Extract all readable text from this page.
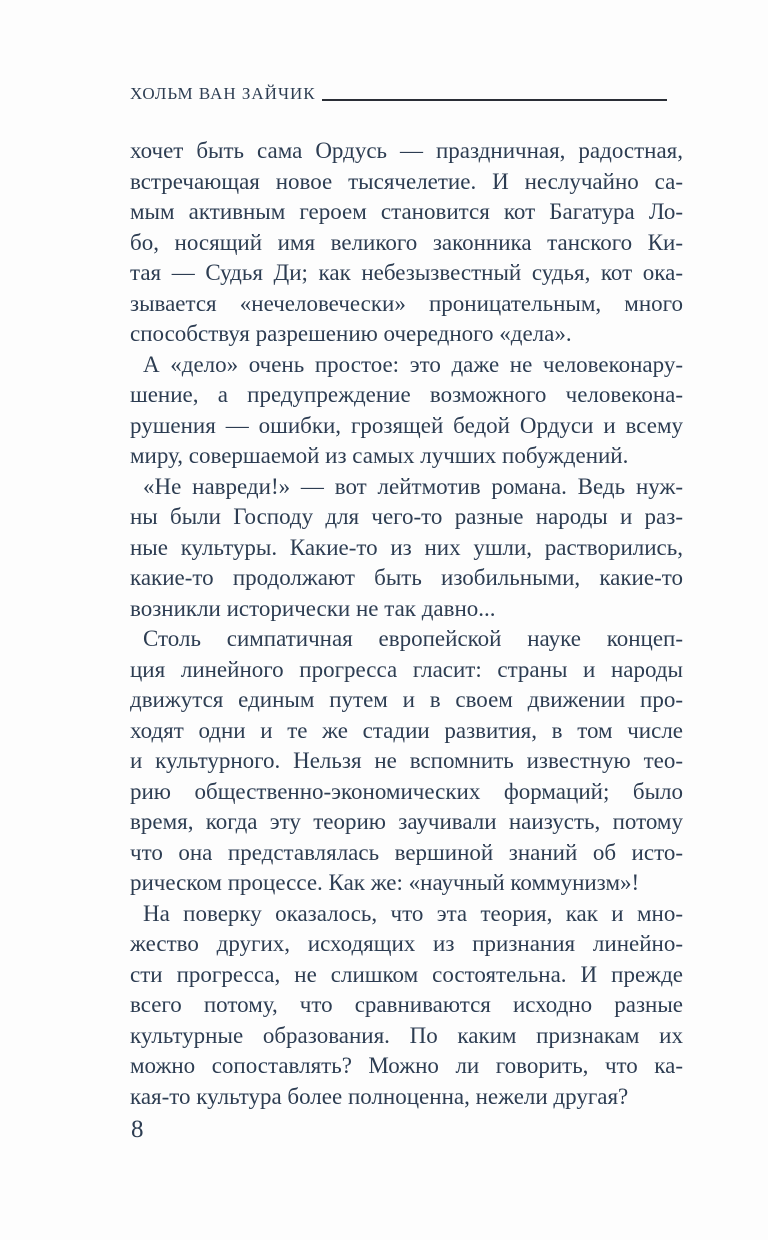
ХОЛЬМ ВАН ЗАЙЧИК
хочет быть сама Ордусь — праздничная, радостная,
встречающая новое тысячелетие. И неслучайно са-
мым активным героем становится кот Багатура Ло-
бо, носящий имя великого законника танского Ки-
тая — Судья Ди; как небезызвестный судья, кот ока-
зывается «нечеловечески» проницательным, много
способствуя разрешению очередного «дела».
А «дело» очень простое: это даже не человеконару-
шение, а предупреждение возможного человекона-
рушения — ошибки, грозящей бедой Ордуси и всему
миру, совершаемой из самых лучших побуждений.
«Не навреди!» — вот лейтмотив романа. Ведь нуж-
ны были Господу для чего-то разные народы и раз-
ные культуры. Какие-то из них ушли, растворились,
какие-то продолжают быть изобильными, какие-то
возникли исторически не так давно...
Столь симпатичная европейской науке концеп-
ция линейного прогресса гласит: страны и народы
движутся единым путем и в своем движении про-
ходят одни и те же стадии развития, в том числе
и культурного. Нельзя не вспомнить известную тео-
рию общественно-экономических формаций; было
время, когда эту теорию заучивали наизусть, потому
что она представлялась вершиной знаний об исто-
рическом процессе. Как же: «научный коммунизм»!
На поверку оказалось, что эта теория, как и мно-
жество других, исходящих из признания линейно-
сти прогресса, не слишком состоятельна. И прежде
всего потому, что сравниваются исходно разные
культурные образования. По каким признакам их
можно сопоставлять? Можно ли говорить, что ка-
кая-то культура более полноценна, нежели другая?
8
